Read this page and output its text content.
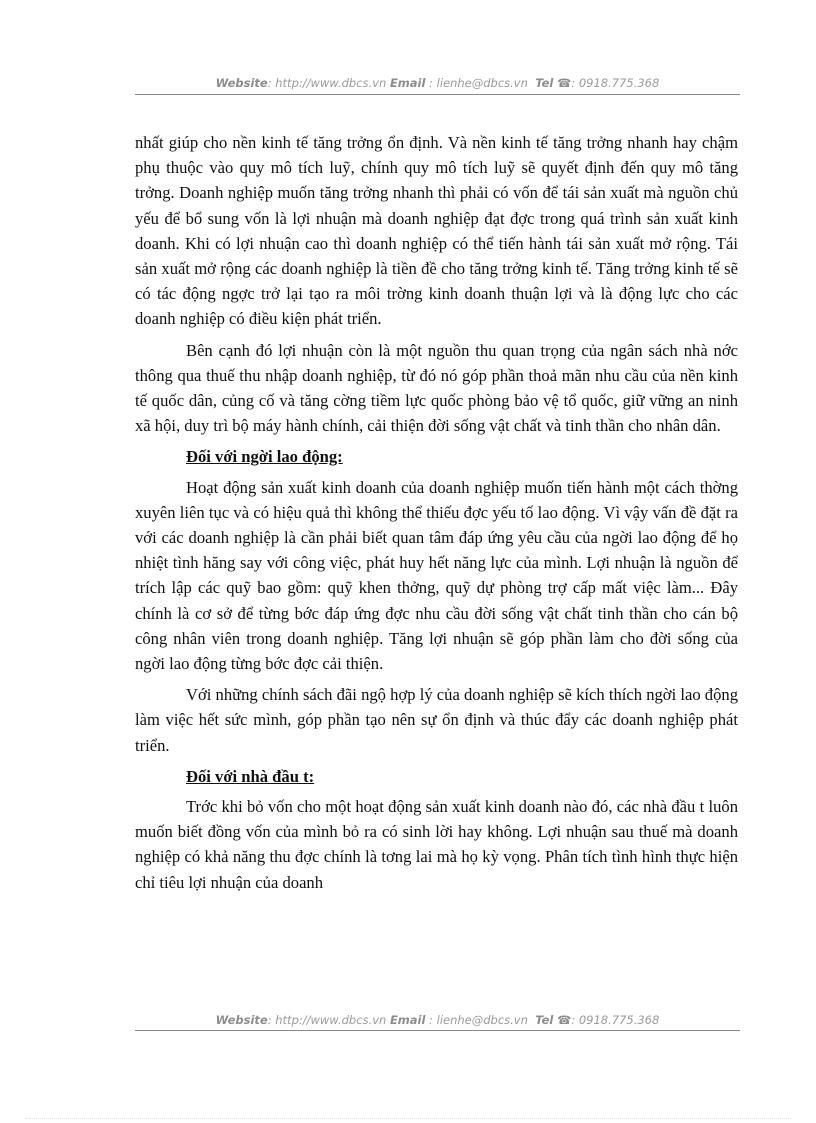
Website: http://www.dbcs.vn Email : lienhe@dbcs.vn Tel ☎: 0918.775.368

nhất giúp cho nền kinh tế tăng trởng ổn định. Và nền kinh tế tăng trởng nhanh hay chậm phụ thuộc vào quy mô tích luỹ, chính quy mô tích luỹ sẽ quyết định đến quy mô tăng trởng. Doanh nghiệp muốn tăng trởng nhanh thì phải có vốn để tái sản xuất mà nguồn chủ yếu để bổ sung vốn là lợi nhuận mà doanh nghiệp đạt đợc trong quá trình sản xuất kinh doanh. Khi có lợi nhuận cao thì doanh nghiệp có thể tiến hành tái sản xuất mở rộng. Tái sản xuất mở rộng các doanh nghiệp là tiền đề cho tăng trởng kinh tế. Tăng trởng kinh tế sẽ có tác động ngợc trở lại tạo ra môi trờng kinh doanh thuận lợi và là động lực cho các doanh nghiệp có điều kiện phát triển.

Bên cạnh đó lợi nhuận còn là một nguồn thu quan trọng của ngân sách nhà nớc thông qua thuế thu nhập doanh nghiệp, từ đó nó góp phần thoả mãn nhu cầu của nền kinh tế quốc dân, củng cố và tăng cờng tiềm lực quốc phòng bảo vệ tổ quốc, giữ vững an ninh xã hội, duy trì bộ máy hành chính, cải thiện đời sống vật chất và tinh thần cho nhân dân.

Đối với ngời lao động:

Hoạt động sản xuất kinh doanh của doanh nghiệp muốn tiến hành một cách thờng xuyên liên tục và có hiệu quả thì không thể thiếu đợc yếu tố lao động. Vì vậy vấn đề đặt ra với các doanh nghiệp là cần phải biết quan tâm đáp ứng yêu cầu của ngời lao động để họ nhiệt tình hăng say với công việc, phát huy hết năng lực của mình. Lợi nhuận là nguồn để trích lập các quỹ bao gồm: quỹ khen thởng, quỹ dự phòng trợ cấp mất việc làm... Đây chính là cơ sở để từng bớc đáp ứng đợc nhu cầu đời sống vật chất tinh thần cho cán bộ công nhân viên trong doanh nghiệp. Tăng lợi nhuận sẽ góp phần làm cho đời sống của ngời lao động từng bớc đợc cải thiện.

Với những chính sách đãi ngộ hợp lý của doanh nghiệp sẽ kích thích ngời lao động làm việc hết sức mình, góp phần tạo nên sự ổn định và thúc đẩy các doanh nghiệp phát triển.

Đối với nhà đầu t:

Trớc khi bỏ vốn cho một hoạt động sản xuất kinh doanh nào đó, các nhà đầu t luôn muốn biết đồng vốn của mình bỏ ra có sinh lời hay không. Lợi nhuận sau thuế mà doanh nghiệp có khả năng thu đợc chính là tơng lai mà họ kỳ vọng. Phân tích tình hình thực hiện chỉ tiêu lợi nhuận của doanh

Website: http://www.dbcs.vn Email : lienhe@dbcs.vn Tel ☎: 0918.775.368
